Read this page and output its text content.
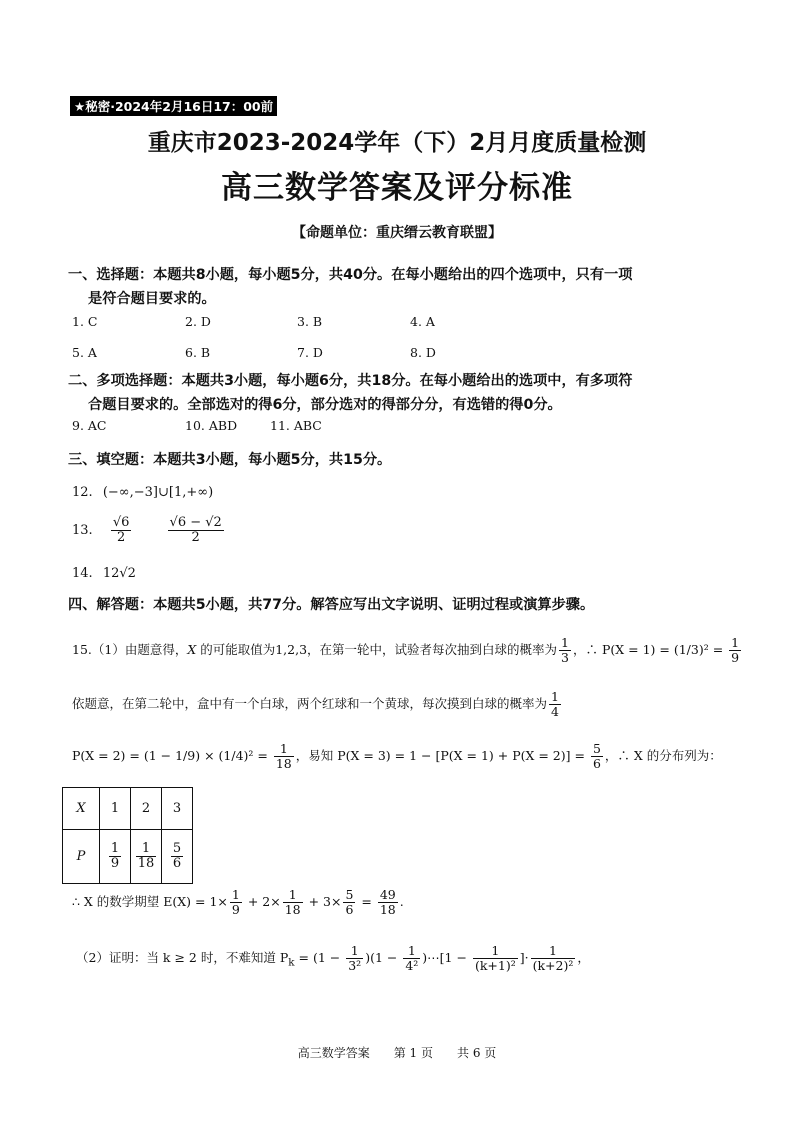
★秘密·2024年2月16日17：00前
重庆市2023-2024学年（下）2月月度质量检测
高三数学答案及评分标准
【命题单位：重庆缙云教育联盟】
一、选择题：本题共8小题，每小题5分，共40分。在每小题给出的四个选项中，只有一项
是符合题目要求的。
1. C	2. D	3. B	4. A
5. A	6. B	7. D	8. D
二、多项选择题：本题共3小题，每小题6分，共18分。在每小题给出的选项中，有多项符
合题目要求的。全部选对的得6分，部分选对的得部分分，有选错的得0分。
9. AC	10. ABD	11. ABC
三、填空题：本题共3小题，每小题5分，共15分。
12. (−∞,−3]∪[1,+∞)
13. $\frac{√6}{2}$
	$\frac{√6 - √2}{2}$
14. 12√2
四、解答题：本题共5小题，共77分。解答应写出文字说明、证明过程或演算步骤。
15.（1）由题意得，X 的可能取值为1,2,3，在第一轮中，试验者每次抽到白球的概率为 $\frac{1}{3}$ ，∴ $P(X = 1) = (1/3)^2 = \frac{1}{9}$
依题意，在第二轮中，盒中有一个白球，两个红球和一个黄球，每次摸到白球的概率为 $\frac{1}{4}$
$P(X = 2) = (1 - 1/9) \times (1/4)^2 = \frac{1}{18}$ ，易知 $P(X = 3) = 1 - [P(X = 1) + P(X = 2)] = \frac{5}{6}$ ，∴ X 的分布列为：
X	1	2	3
P	$\frac{1}{9}$	$\frac{1}{18}$	$\frac{5}{6}$
∴ X 的数学期望 $E(X) = 1\times \frac{1}{9} + 2\times \frac{1}{18} + 3\times \frac{5}{6} = \frac{49}{18}$ .
（2）证明：当 k ≥ 2 时，不难知道 $P_k = (1 - \frac{1}{\text{3²}} )(1 - \frac{1}{\text{4²}}$ )⋯[1 − $\frac{1}{\text{(k+1)²}}$ ]· $\frac{1}{\text{(k+2)²}}$ ，
高三数学答案　　第 1 页　　共 6 页
